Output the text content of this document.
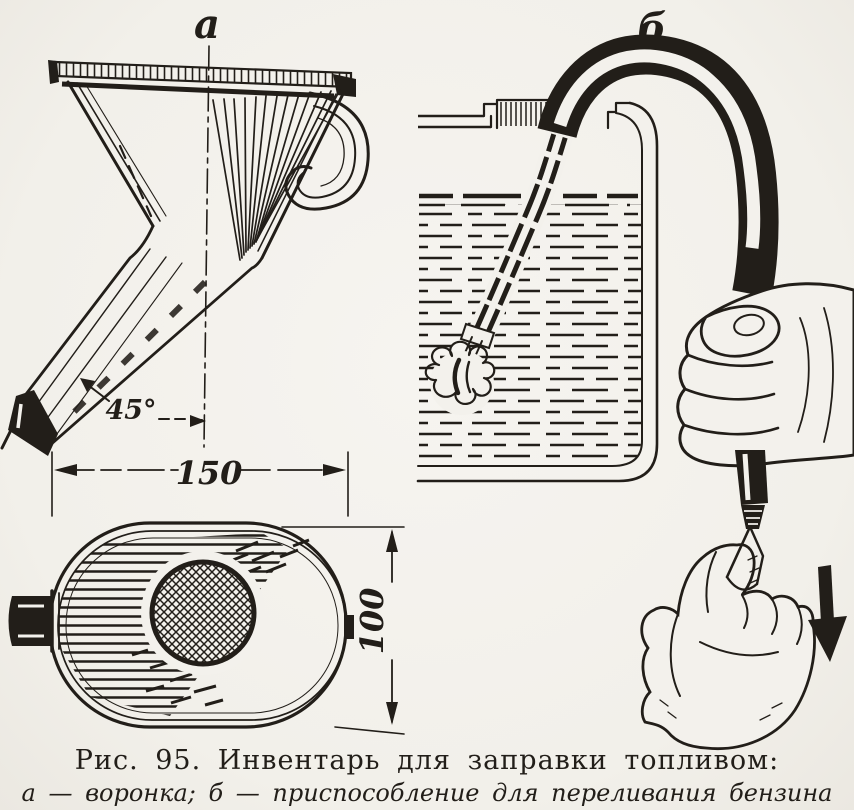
а
45°
150
100
б
Рис. 95. Инвентарь для заправки топливом:
а — воронка; б — приспособление для переливания бензина
